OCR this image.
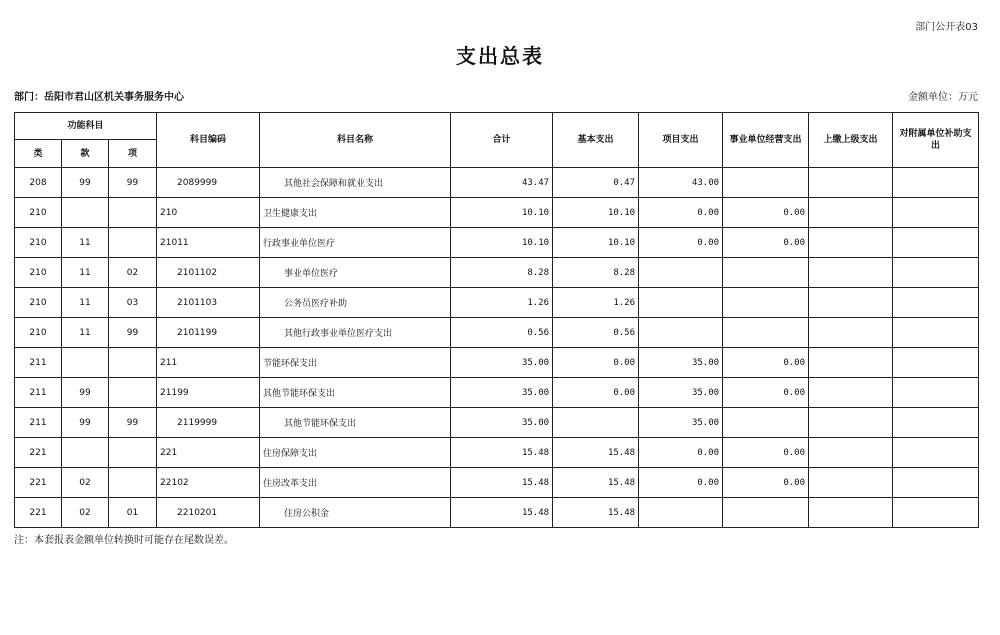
部门公开表03
支出总表
部门：岳阳市君山区机关事务服务中心	金额单位：万元
功能科目			科目编码	科目名称	合计	基本支出	项目支出	事业单位经营支出	上缴上级支出	对附属单位补助支出
类	款	项								
208	99	99	2089999	其他社会保障和就业支出	43.47	0.47	43.00			
210			210	卫生健康支出	10.10	10.10	0.00	0.00		
210	11		21011	行政事业单位医疗	10.10	10.10	0.00	0.00		
210	11	02	2101102	事业单位医疗	8.28	8.28				
210	11	03	2101103	公务员医疗补助	1.26	1.26				
210	11	99	2101199	其他行政事业单位医疗支出	0.56	0.56				
211			211	节能环保支出	35.00	0.00	35.00	0.00		
211	99		21199	其他节能环保支出	35.00	0.00	35.00	0.00		
211	99	99	2119999	其他节能环保支出	35.00		35.00			
221			221	住房保障支出	15.48	15.48	0.00	0.00		
221	02		22102	住房改革支出	15.48	15.48	0.00	0.00		
221	02	01	2210201	住房公积金	15.48	15.48				
注：本套报表金额单位转换时可能存在尾数误差。
